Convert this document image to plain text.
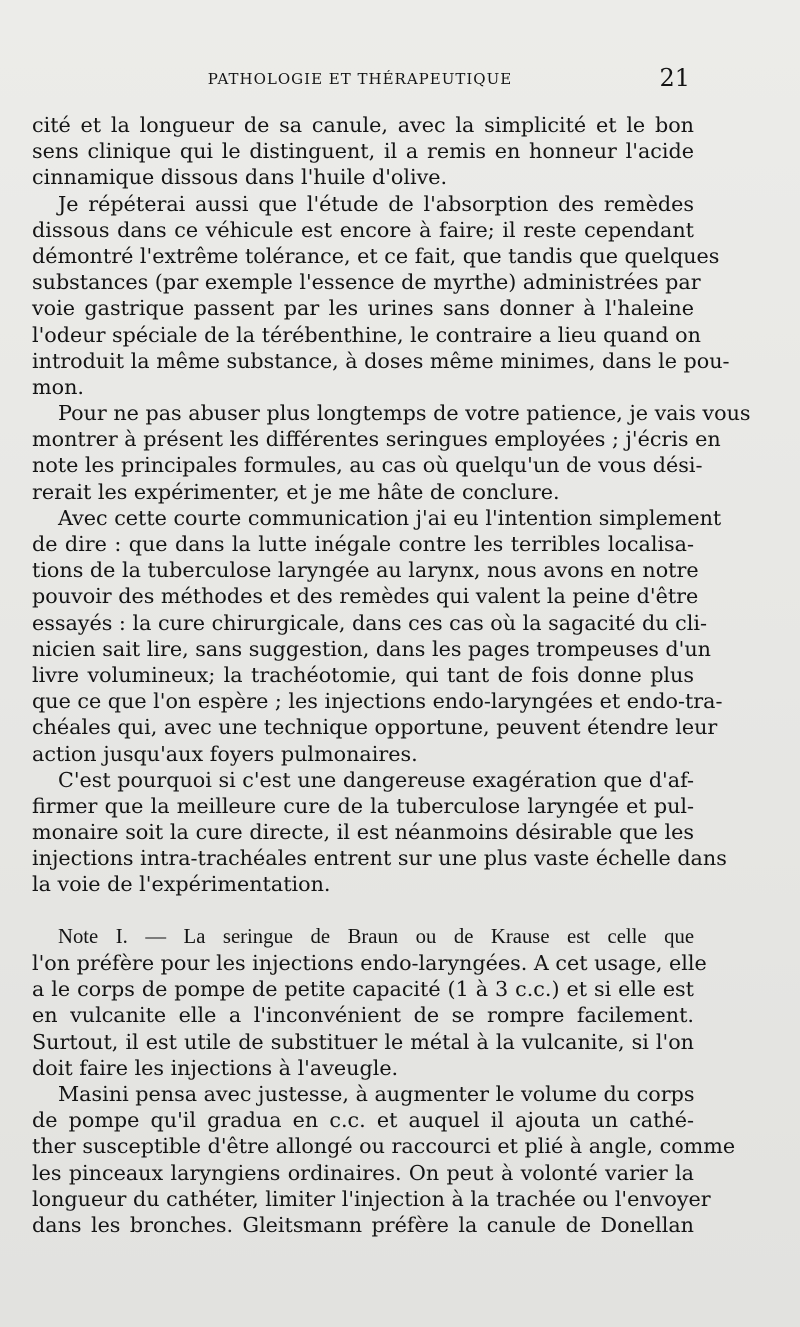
PATHOLOGIE ET THÉRAPEUTIQUE	21
cité et la longueur de sa canule, avec la simplicité et le bon
sens clinique qui le distinguent, il a remis en honneur l'acide
cinnamique dissous dans l'huile d'olive.
Je répéterai aussi que l'étude de l'absorption des remèdes
dissous dans ce véhicule est encore à faire; il reste cependant
démontré l'extrême tolérance, et ce fait, que tandis que quelques
substances (par exemple l'essence de myrthe) administrées par
voie gastrique passent par les urines sans donner à l'haleine
l'odeur spéciale de la térébenthine, le contraire a lieu quand on
introduit la même substance, à doses même minimes, dans le pou-
mon.
Pour ne pas abuser plus longtemps de votre patience, je vais vous
montrer à présent les différentes seringues employées ; j'écris en
note les principales formules, au cas où quelqu'un de vous dési-
rerait les expérimenter, et je me hâte de conclure.
Avec cette courte communication j'ai eu l'intention simplement
de dire : que dans la lutte inégale contre les terribles localisa-
tions de la tuberculose laryngée au larynx, nous avons en notre
pouvoir des méthodes et des remèdes qui valent la peine d'être
essayés : la cure chirurgicale, dans ces cas où la sagacité du cli-
nicien sait lire, sans suggestion, dans les pages trompeuses d'un
livre volumineux; la trachéotomie, qui tant de fois donne plus
que ce que l'on espère ; les injections endo-laryngées et endo-tra-
chéales qui, avec une technique opportune, peuvent étendre leur
action jusqu'aux foyers pulmonaires.
C'est pourquoi si c'est une dangereuse exagération que d'af-
firmer que la meilleure cure de la tuberculose laryngée et pul-
monaire soit la cure directe, il est néanmoins désirable que les
injections intra-trachéales entrent sur une plus vaste échelle dans
la voie de l'expérimentation.
Note I. — La seringue de Braun ou de Krause est celle que
l'on préfère pour les injections endo-laryngées. A cet usage, elle
a le corps de pompe de petite capacité (1 à 3 c.c.) et si elle est
en vulcanite elle a l'inconvénient de se rompre facilement.
Surtout, il est utile de substituer le métal à la vulcanite, si l'on
doit faire les injections à l'aveugle.
Masini pensa avec justesse, à augmenter le volume du corps
de pompe qu'il gradua en c.c. et auquel il ajouta un cathé-
ther susceptible d'être allongé ou raccourci et plié à angle, comme
les pinceaux laryngiens ordinaires. On peut à volonté varier la
longueur du cathéter, limiter l'injection à la trachée ou l'envoyer
dans les bronches. Gleitsmann préfère la canule de Donellan
